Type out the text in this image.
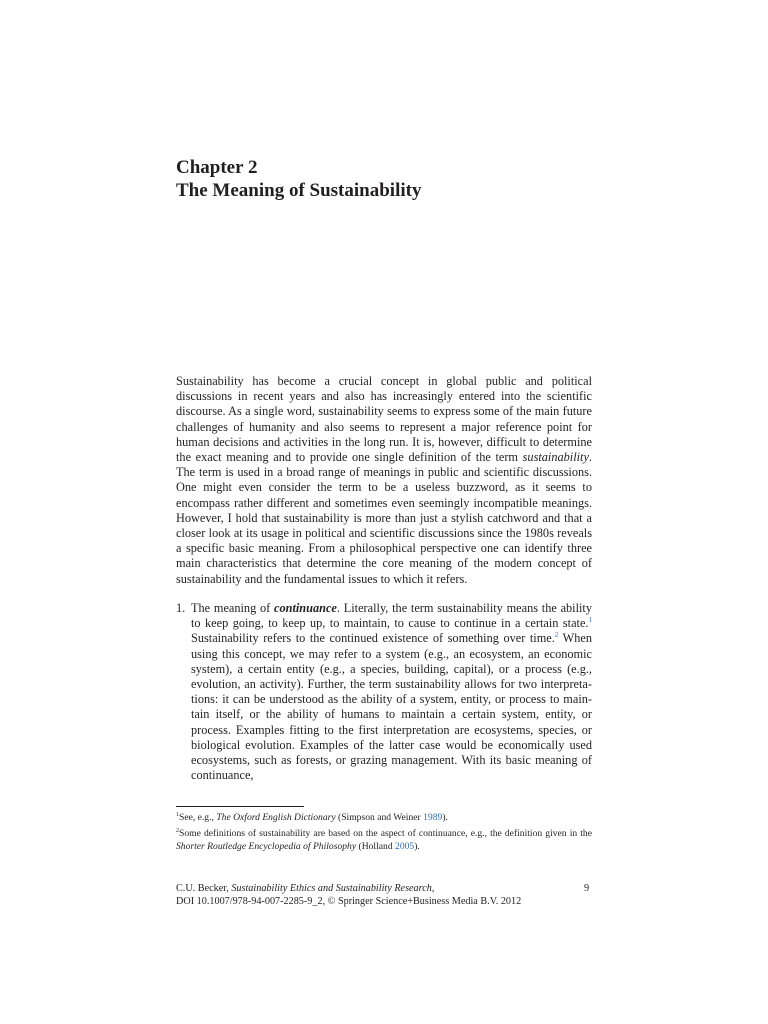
Chapter 2
The Meaning of Sustainability

Sustainability has become a crucial concept in global public and political discussions in recent years and also has increasingly entered into the scientific discourse. As a single word, sustainability seems to express some of the main future challenges of humanity and also seems to represent a major reference point for human decisions and activities in the long run. It is, however, difficult to determine the exact meaning and to provide one single definition of the term sustainability. The term is used in a broad range of meanings in public and scientific discussions. One might even consider the term to be a useless buzzword, as it seems to encompass rather different and sometimes even seemingly incompatible meanings. However, I hold that sustainability is more than just a stylish catchword and that a closer look at its usage in political and scientific discussions since the 1980s reveals a specific basic meaning. From a philosophical perspective one can identify three main characteristics that determine the core meaning of the modern concept of sustainability and the fundamental issues to which it refers.

1. The meaning of continuance. Literally, the term sustainability means the ability to keep going, to keep up, to maintain, to cause to continue in a certain state.$^1$ Sustainability refers to the continued existence of something over time.$^2$ When using this concept, we may refer to a system (e.g., an ecosystem, an economic system), a certain entity (e.g., a species, building, capital), or a process (e.g., evolution, an activity). Further, the term sustainability allows for two interpretations: it can be understood as the ability of a system, entity, or process to maintain itself, or the ability of humans to maintain a certain system, entity, or process. Examples fitting to the first interpretation are ecosystems, species, or biological evolution. Examples of the latter case would be economically used ecosystems, such as forests, or grazing management. With its basic meaning of continuance,

$^1$See, e.g., The Oxford English Dictionary (Simpson and Weiner 1989).

$^2$Some definitions of sustainability are based on the aspect of continuance, e.g., the definition given in the Shorter Routledge Encyclopedia of Philosophy (Holland 2005).

C.U. Becker, Sustainability Ethics and Sustainability Research,
DOI 10.1007/978-94-007-2285-9_2, © Springer Science+Business Media B.V. 2012
9
